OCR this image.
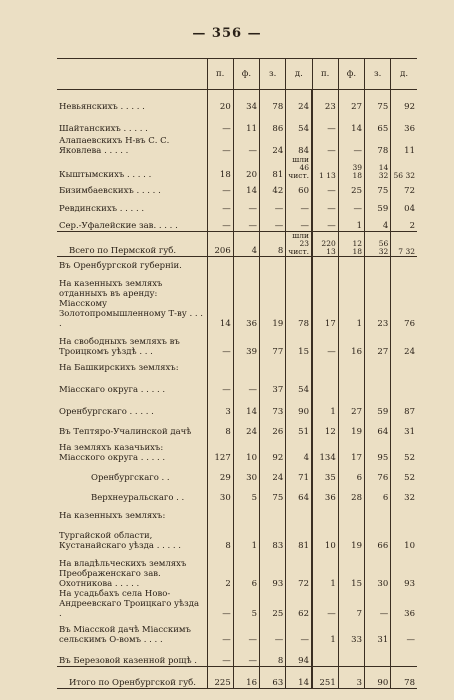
— 356 —
	п.	ф.	з.	д.	п.	ф.	з.	д.
Невьянскихъ . . . . .	20	34	78	24	23	27	75	92
Шайтанскихъ . . . . .	—	11	86	54	—	14	65	36
Алапаевскихъ Н-въ С. С. Яковлева . . . . .	—	—	24	84	—	—	78	11
Кыштымскихъ . . . . .	18	20	81	шли 46 чист.	1 13	39 18	14 32	56 32
Бизимбаевскихъ . . . . .	—	14	42	60	—	25	75	72
Ревдинскихъ . . . . .	—	—	—	—	—	—	59	04
Сер.-Уфалейские зав. . . . .	—	—	—	—	—	1	4	2
Всего по Пермской губ.	206	4	8	шли 23 чист.	220 13	12 18	56 32	7 32
Въ Оренбургской губернiи.								
На казенныхъ земляхъ отданныхъ въ аренду:								
Мiасскому Золотопромышленному Т-ву . . . .	14	36	19	78	17	1	23	76
На свободныхъ земляхъ въ Троицкомъ уѣздѣ . . .	—	39	77	15	—	16	27	24
На Башкирскихъ земляхъ:								
Мiасскаго округа . . . . .	—	—	37	54				
Оренбургскаго . . . . .	3	14	73	90	1	27	59	87
Въ Тептяро-Учалинской дачѣ	8	24	26	51	12	19	64	31
На земляхъ казачьихъ: Мiасского округа . . . . .	127	10	92	4	134	17	95	52
Оренбургскаго . .	29	30	24	71	35	6	76	52
Верхнеуральскаго . .	30	5	75	64	36	28	6	32
На казенныхъ земляхъ:								
Тургайской области, Кустанайскаго уѣзда . . . . .	8	1	83	81	10	19	66	10
На владѣльческихъ земляхъ Преображенскаго зав. Охотникова . . . . .	2	6	93	72	1	15	30	93
На усадьбахъ села Ново-Андреевскаго Троицкаго уѣзда .	—	5	25	62	—	7	—	36
Въ Мiасской дачѣ Мiасскимъ сельскимъ О-вомъ . . . .	—	—	—	—	1	33	31	—
Въ Березовой казенной рощѣ .	—	—	8	94				
Итого по Оренбургской губ.	225	16	63	14	251	3	90	78
